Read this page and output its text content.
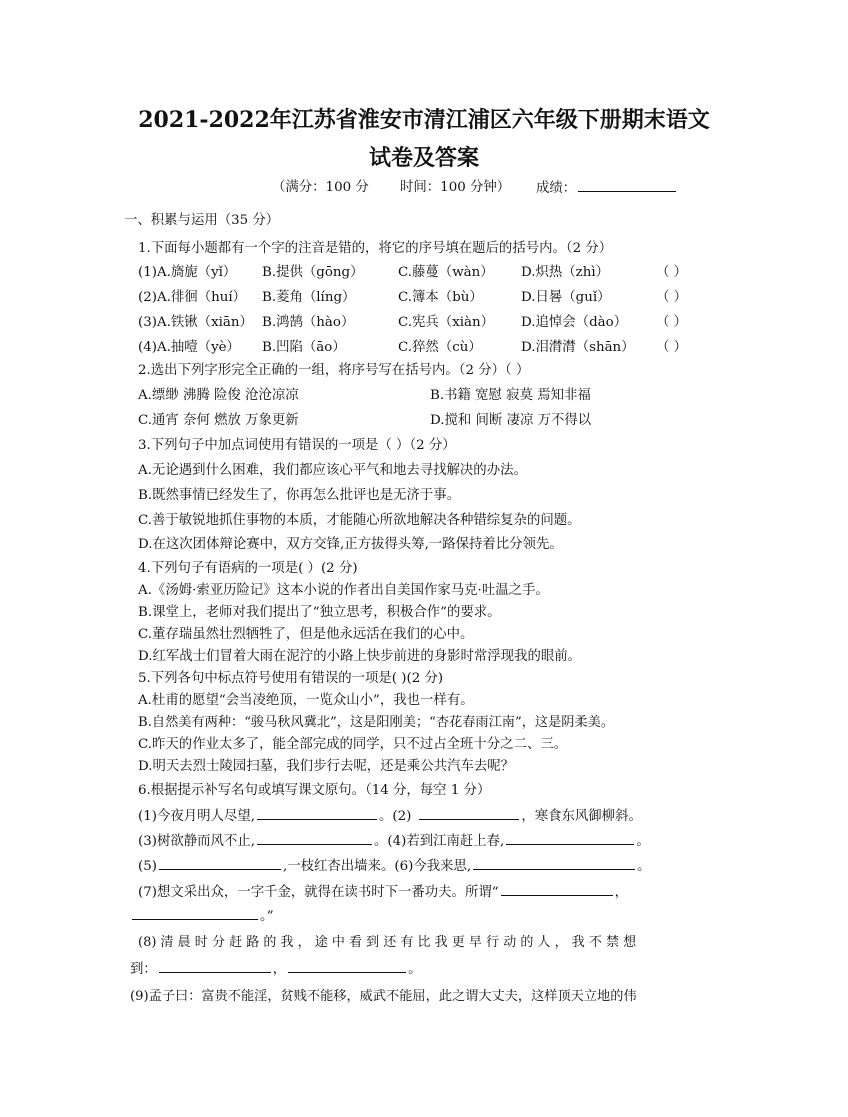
2021-2022年江苏省淮安市清江浦区六年级下册期末语文
试卷及答案
（满分：100 分 时间：100 分钟） 成绩：
一、积累与运用（35 分）
1.下面每小题都有一个字的注音是错的，将它的序号填在题后的括号内。（2 分）
(1)A.旖旎（yǐ） B.提供（gōng）	C.藤蔓（wàn） D.炽热（zhì）	（ ）
(2)A.徘徊（huí） B.菱角（líng）	C.簿本（bù）	D.日晷（guǐ）	（ ）
(3)A.铁锹（xiān） B.鸿鹄（hào）	C.宪兵（xiàn） D.追悼会（dào） （ ）
(4)A.抽噎（yè） B.凹陷（āo）	C.猝然（cù）	D.泪潸潸（shān） （ ）
2.选出下列字形完全正确的一组，将序号写在括号内。（2 分）（ ）
A.缥缈 沸腾 险俊 沧沧凉凉	B.书籍 宽慰 寂莫 焉知非福
C.通宵 奈何 燃放 万象更新	D.搅和 间断 凄凉 万不得以
3.下列句子中加点词使用有错误的一项是（ ）（2 分）
A.无论遇到什么困难，我们都应该心平气和地去寻找解决的办法。
B.既然事情已经发生了，你再怎么批评也是无济于事。
C.善于敏锐地抓住事物的本质，才能随心所欲地解决各种错综复杂的问题。
D.在这次团体辩论赛中，双方交锋,正方拔得头筹,一路保持着比分领先。
4.下列句子有语病的一项是( ）(2 分)
A.《汤姆·索亚历险记》这本小说的作者出自美国作家马克·吐温之手。
B.课堂上，老师对我们提出了“独立思考，积极合作”的要求。
C.董存瑞虽然壮烈牺牲了，但是他永远活在我们的心中。
D.红军战士们冒着大雨在泥泞的小路上快步前进的身影时常浮现我的眼前。
5.下列各句中标点符号使用有错误的一项是( )(2 分)
A.杜甫的愿望“会当凌绝顶，一览众山小”，我也一样有。
B.自然美有两种：“骏马秋风冀北”，这是阳刚美；“杏花春雨江南”，这是阴柔美。
C.昨天的作业太多了，能全部完成的同学，只不过占全班十分之二、三。
D.明天去烈士陵园扫墓，我们步行去呢，还是乘公共汽车去呢？
6.根据提示补写名句或填写课文原句。（14 分，每空 1 分）
(1)今夜月明人尽望,	。(2)	，寒食东风御柳斜。
(3)树欲静而风不止,	。(4)若到江南赶上春,	。
(5)	,一枝红杏出墙来。(6)今我来思,	。
(7)想文采出众，一字千金，就得在读书时下一番功夫。所谓“	，
。”
(8) 清 晨 时 分 赶 路 的 我 ， 途 中 看 到 还 有 比 我 更 早 行 动 的 人 ， 我 不 禁 想
到：	，	。
(9)孟子曰：富贵不能淫，贫贱不能移，威武不能屈，此之谓大丈夫，这样顶天立地的伟
